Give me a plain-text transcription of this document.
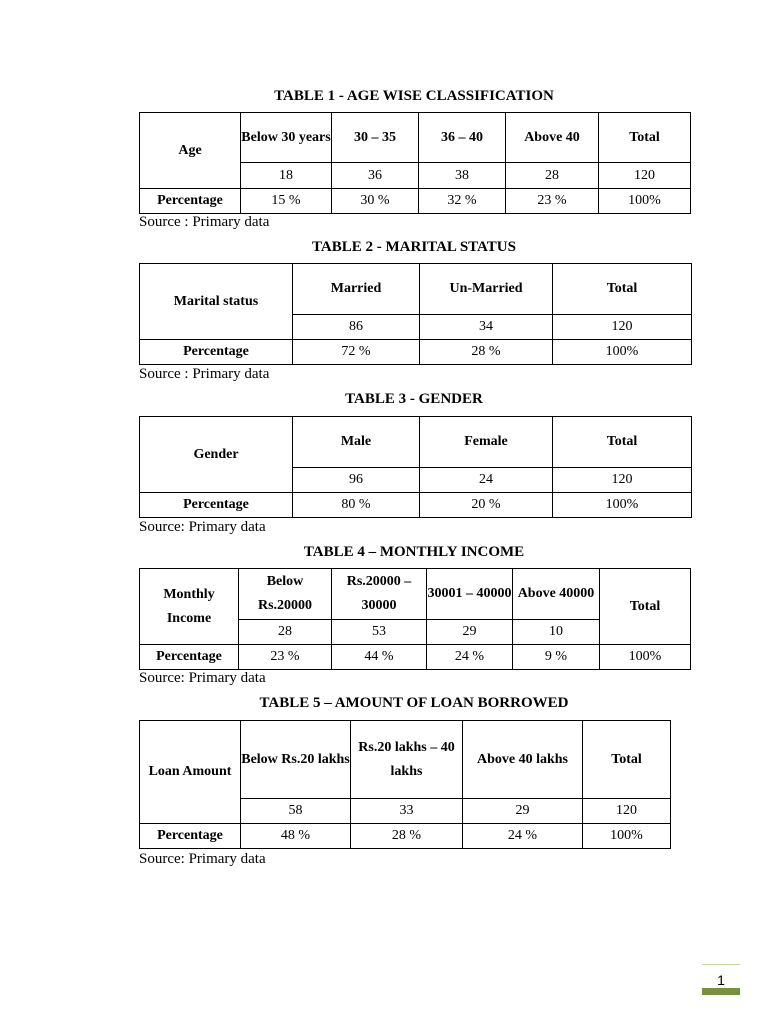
TABLE 1 - AGE WISE CLASSIFICATION

Age	Below 30 years	30 – 35	36 – 40	Above 40	Total
	18	36	38	28	120
Percentage	15 %	30 %	32 %	23 %	100%

Source : Primary data

TABLE 2 - MARITAL STATUS

Marital status	Married	Un-Married	Total
	86	34	120
Percentage	72 %	28 %	100%

Source : Primary data

TABLE 3 - GENDER

Gender	Male	Female	Total
	96	24	120
Percentage	80 %	20 %	100%

Source: Primary data

TABLE 4 – MONTHLY INCOME

Monthly Income	Below Rs.20000	Rs.20000 – 30000	30001 – 40000	Above 40000	Total
	28	53	29	10	
Percentage	23 %	44 %	24 %	9 %	100%

Source: Primary data

TABLE 5 – AMOUNT OF LOAN BORROWED

Loan Amount	Below Rs.20 lakhs	Rs.20 lakhs – 40 lakhs	Above 40 lakhs	Total
	58	33	29	120
Percentage	48 %	28 %	24 %	100%

Source: Primary data

1
